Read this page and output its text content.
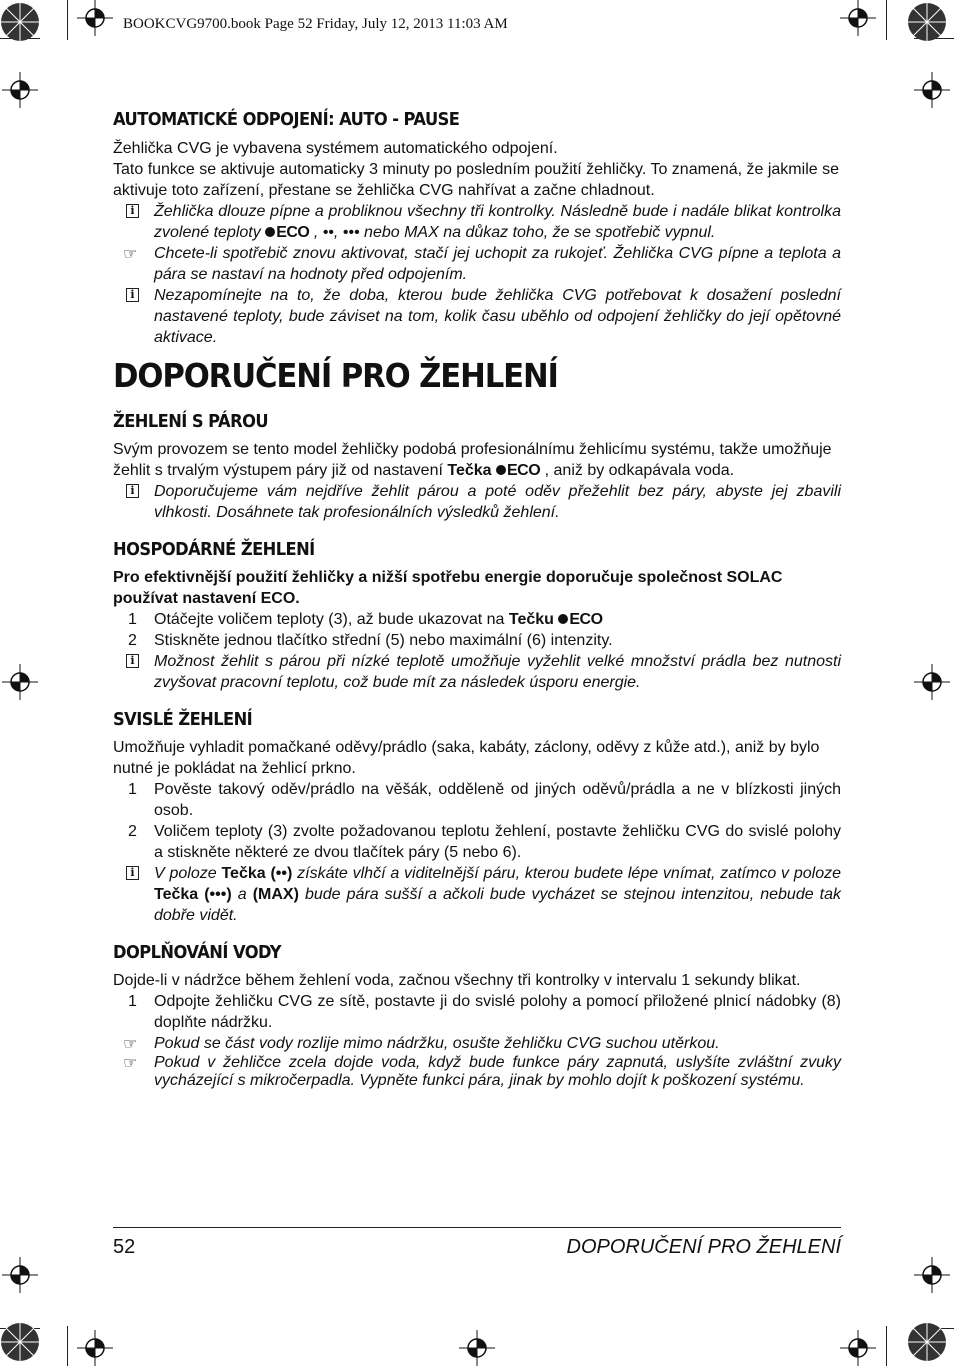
BOOKCVG9700.book Page 52 Friday, July 12, 2013 11:03 AM
AUTOMATICKÉ ODPOJENÍ: AUTO - PAUSE

Žehlička CVG je vybavena systémem automatického odpojení.

Tato funkce se aktivuje automaticky 3 minuty po posledním použití žehličky. To znamená, že jakmile se aktivuje toto zařízení, přestane se žehlička CVG nahřívat a začne chladnout.

i Žehlička dlouze pípne a probliknou všechny tři kontrolky. Následně bude i nadále blikat kontrolka zvolené teploty ECO , ••, ••• nebo MAX na důkaz toho, že se spotřebič vypnul.
☞ Chcete-li spotřebič znovu aktivovat, stačí jej uchopit za rukojeť. Žehlička CVG pípne a teplota a pára se nastaví na hodnoty před odpojením.
i Nezapomínejte na to, že doba, kterou bude žehlička CVG potřebovat k dosažení poslední nastavené teploty, bude záviset na tom, kolik času uběhlo od odpojení žehličky do její opětovné aktivace.
DOPORUČENÍ PRO ŽEHLENÍ
ŽEHLENÍ S PÁROU

Svým provozem se tento model žehličky podobá profesionálnímu žehlicímu systému, takže umožňuje žehlit s trvalým výstupem páry již od nastavení Tečka ECO , aniž by odkapávala voda.

i Doporučujeme vám nejdříve žehlit párou a poté oděv přežehlit bez páry, abyste jej zbavili vlhkosti. Dosáhnete tak profesionálních výsledků žehlení.
HOSPODÁRNÉ ŽEHLENÍ

Pro efektivnější použití žehličky a nižší spotřebu energie doporučuje společnost SOLAC používat nastavení ECO.

1	Otáčejte voličem teploty (3), až bude ukazovat na Tečku ECO
2	Stiskněte jednou tlačítko střední (5) nebo maximální (6) intenzity.
i Možnost žehlit s párou při nízké teplotě umožňuje vyžehlit velké množství prádla bez nutnosti zvyšovat pracovní teplotu, což bude mít za následek úsporu energie.
SVISLÉ ŽEHLENÍ

Umožňuje vyhladit pomačkané oděvy/prádlo (saka, kabáty, záclony, oděvy z kůže atd.), aniž by bylo nutné je pokládat na žehlicí prkno.

1	Pověste takový oděv/prádlo na věšák, odděleně od jiných oděvů/prádla a ne v blízkosti jiných osob.
2	Voličem teploty (3) zvolte požadovanou teplotu žehlení, postavte žehličku CVG do svislé polohy a stiskněte některé ze dvou tlačítek páry (5 nebo 6).
i V poloze Tečka (••) získáte vlhčí a viditelnější páru, kterou budete lépe vnímat, zatímco v poloze Tečka (•••) a (MAX) bude pára sušší a ačkoli bude vycházet se stejnou intenzitou, nebude tak dobře vidět.
DOPLŇOVÁNÍ VODY

Dojde-li v nádržce během žehlení voda, začnou všechny tři kontrolky v intervalu 1 sekundy blikat.

1	Odpojte žehličku CVG ze sítě, postavte ji do svislé polohy a pomocí přiložené plnicí nádobky (8) doplňte nádržku.
☞ Pokud se část vody rozlije mimo nádržku, osušte žehličku CVG suchou utěrkou.
☞ Pokud v žehličce zcela dojde voda, když bude funkce páry zapnutá, uslyšíte zvláštní zvuky vycházející s mikročerpadla. Vypněte funkci pára, jinak by mohlo dojít k poškození systému.
52	DOPORUČENÍ PRO ŽEHLENÍ
